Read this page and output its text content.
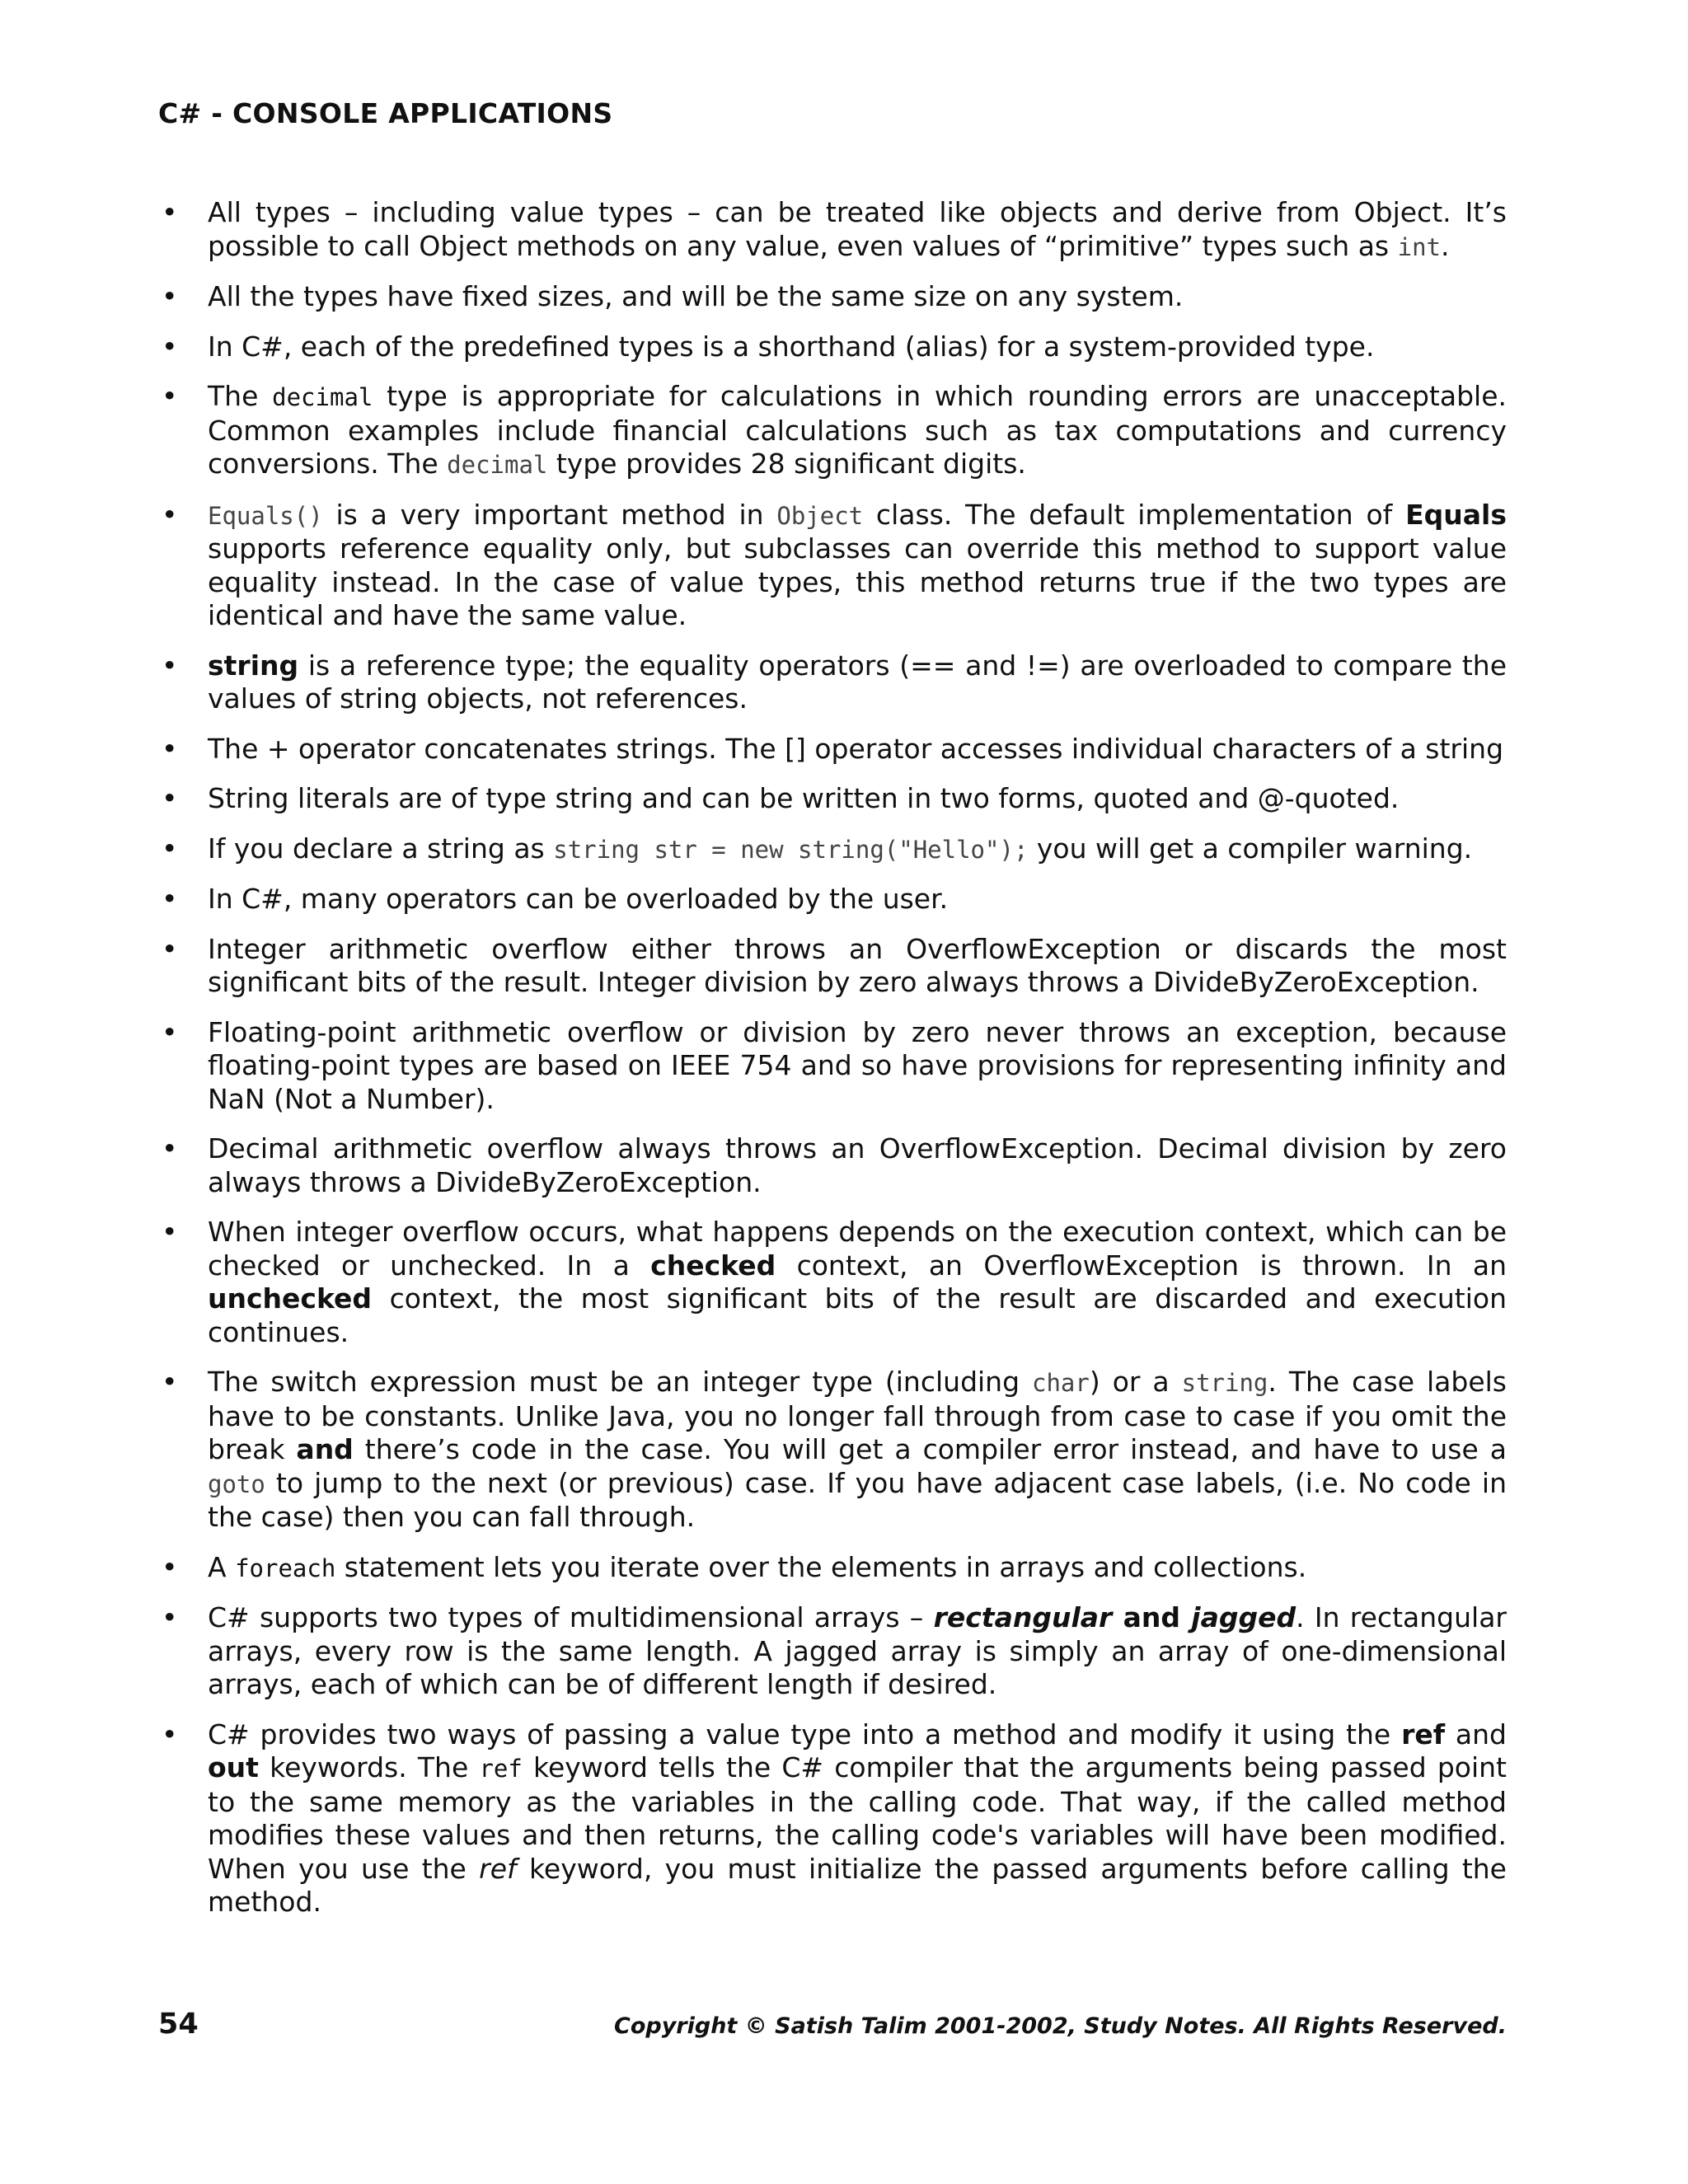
C# - CONSOLE APPLICATIONS
• All types – including value types – can be treated like objects and derive from Object. It’s possible to call Object methods on any value, even values of “primitive” types such as int.
• All the types have fixed sizes, and will be the same size on any system.
• In C#, each of the predefined types is a shorthand (alias) for a system-provided type.
• The decimal type is appropriate for calculations in which rounding errors are unacceptable. Common examples include financial calculations such as tax computations and currency conversions. The decimal type provides 28 significant digits.
• Equals() is a very important method in Object class. The default implementation of Equals supports reference equality only, but subclasses can override this method to support value equality instead. In the case of value types, this method returns true if the two types are identical and have the same value.
• string is a reference type; the equality operators (== and !=) are overloaded to compare the values of string objects, not references.
• The + operator concatenates strings. The [] operator accesses individual characters of a string
• String literals are of type string and can be written in two forms, quoted and @-quoted.
• If you declare a string as string str = new string("Hello"); you will get a compiler warning.
• In C#, many operators can be overloaded by the user.
• Integer arithmetic overflow either throws an OverflowException or discards the most significant bits of the result. Integer division by zero always throws a DivideByZeroException.
• Floating-point arithmetic overflow or division by zero never throws an exception, because floating-point types are based on IEEE 754 and so have provisions for representing infinity and NaN (Not a Number).
• Decimal arithmetic overflow always throws an OverflowException. Decimal division by zero always throws a DivideByZeroException.
• When integer overflow occurs, what happens depends on the execution context, which can be checked or unchecked. In a checked context, an OverflowException is thrown. In an unchecked context, the most significant bits of the result are discarded and execution continues.
• The switch expression must be an integer type (including char) or a string. The case labels have to be constants. Unlike Java, you no longer fall through from case to case if you omit the break and there’s code in the case. You will get a compiler error instead, and have to use a goto to jump to the next (or previous) case. If you have adjacent case labels, (i.e. No code in the case) then you can fall through.
• A foreach statement lets you iterate over the elements in arrays and collections.
• C# supports two types of multidimensional arrays – rectangular and jagged. In rectangular arrays, every row is the same length. A jagged array is simply an array of one-dimensional arrays, each of which can be of different length if desired.
• C# provides two ways of passing a value type into a method and modify it using the ref and out keywords. The ref keyword tells the C# compiler that the arguments being passed point to the same memory as the variables in the calling code. That way, if the called method modifies these values and then returns, the calling code's variables will have been modified. When you use the ref keyword, you must initialize the passed arguments before calling the method.
54	Copyright © Satish Talim 2001-2002, Study Notes. All Rights Reserved.
